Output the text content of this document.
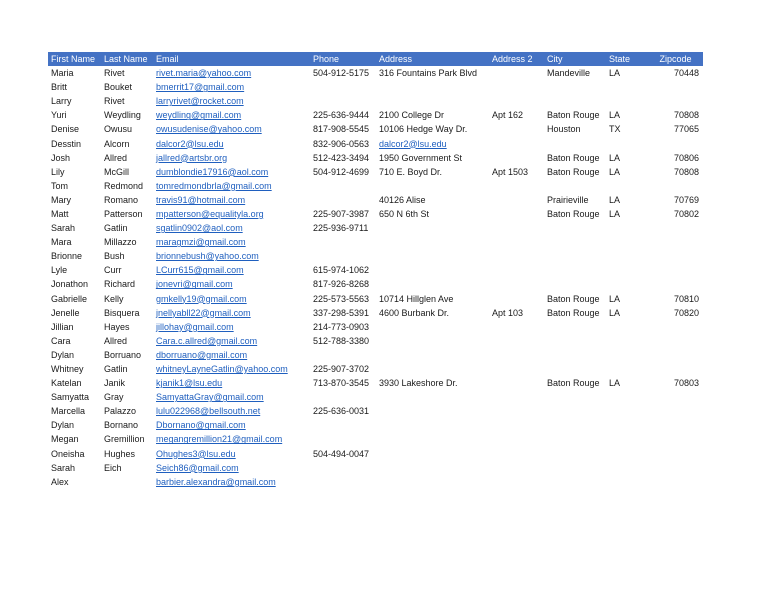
First Name	Last Name	Email	Phone	Address	Address 2	City	State	Zipcode
Maria	Rivet	rivet.maria@yahoo.com	504-912-5175	316 Fountains Park Blvd		Mandeville	LA	70448
Britt	Bouket	bmerrit17@gmail.com						
Larry	Rivet	larryrivet@rocket.com						
Yuri	Weydling	weydling@gmail.com	225-636-9444	2100 College Dr	Apt 162	Baton Rouge	LA	70808
Denise	Owusu	owusudenise@yahoo.com	817-908-5545	10106 Hedge Way Dr.		Houston	TX	77065
Desstin	Alcorn	dalcor2@lsu.edu	832-906-0563	dalcor2@lsu.edu				
Josh	Allred	jallred@artsbr.org	512-423-3494	1950 Government St		Baton Rouge	LA	70806
Lily	McGill	dumblondie17916@aol.com	504-912-4699	710 E. Boyd Dr.	Apt 1503	Baton Rouge	LA	70808
Tom	Redmond	tomredmondbrla@gmail.com						
Mary	Romano	travis91@hotmail.com		40126 Alise		Prairieville	LA	70769
Matt	Patterson	mpatterson@equalityla.org	225-907-3987	650 N 6th St		Baton Rouge	LA	70802
Sarah	Gatlin	sgatlin0902@aol.com	225-936-9711					
Mara	Millazzo	maragmzi@gmail.com						
Brionne	Bush	brionnebush@yahoo.com						
Lyle	Curr	LCurr615@gmail.com	615-974-1062					
Jonathon	Richard	jonevri@gmail.com	817-926-8268					
Gabrielle	Kelly	gmkelly19@gmail.com	225-573-5563	10714 Hillglen Ave		Baton Rouge	LA	70810
Jenelle	Bisquera	jnellyabll22@gmail.com	337-298-5391	4600 Burbank Dr.	Apt 103	Baton Rouge	LA	70820
Jillian	Hayes	jillohay@gmail.com	214-773-0903					
Cara	Allred	Cara.c.allred@gmail.com	512-788-3380					
Dylan	Borruano	dborruano@gmail.com						
Whitney	Gatlin	whitneyLayneGatlin@yahoo.com	225-907-3702					
Katelan	Janik	kjanik1@lsu.edu	713-870-3545	3930 Lakeshore Dr.		Baton Rouge	LA	70803
Samyatta	Gray	SamyattaGray@gmail.com						
Marcella	Palazzo	lulu022968@bellsouth.net	225-636-0031					
Dylan	Bornano	Dbornano@gmail.com						
Megan	Gremillion	megangremillion21@gmail.com						
Oneisha	Hughes	Ohughes3@lsu.edu	504-494-0047					
Sarah	Eich	Seich86@gmail.com						
Alex		barbier.alexandra@gmail.com						
